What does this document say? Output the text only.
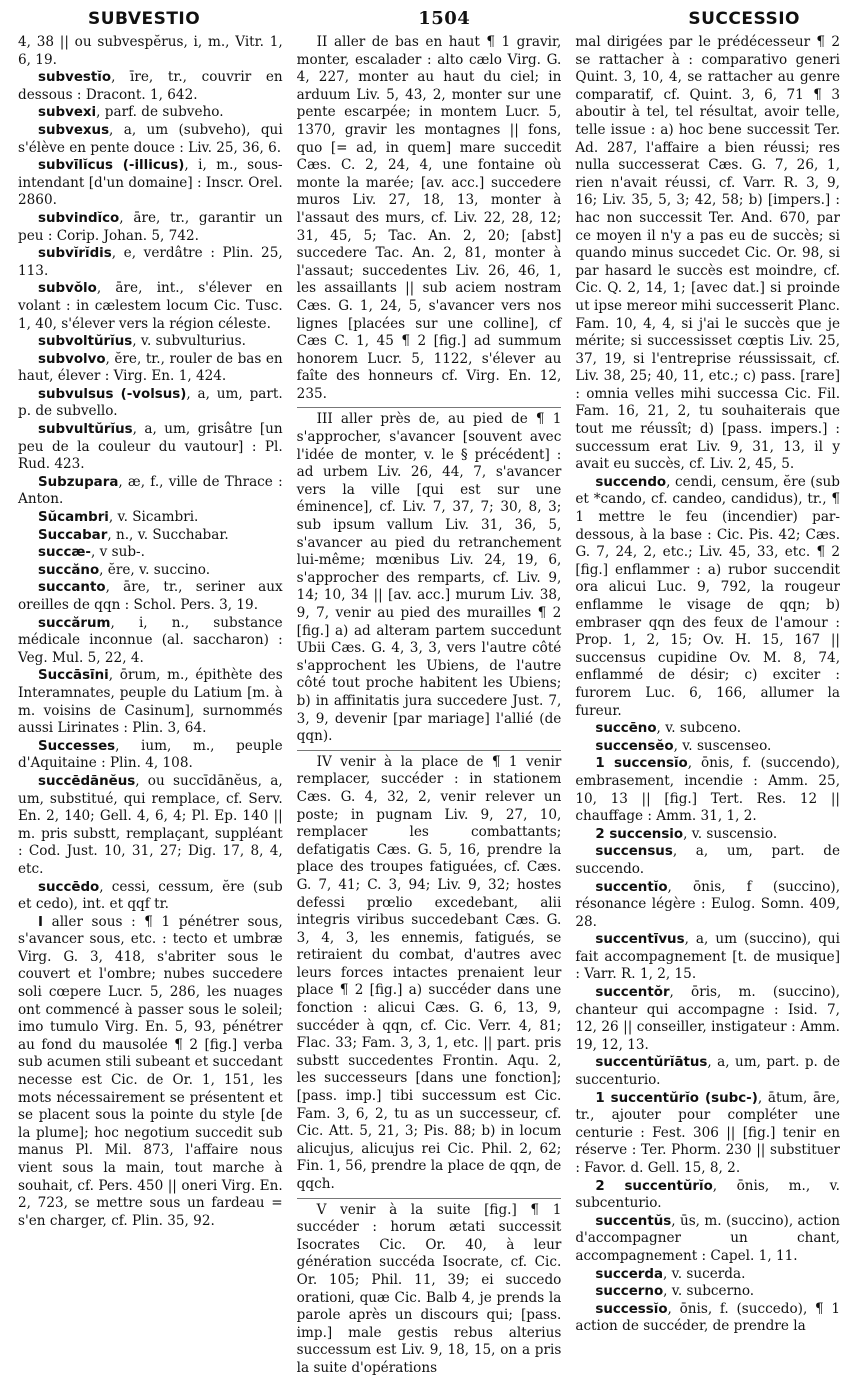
SUBVESTIO	1504	SUCCESSIO

4, 38 || ou subvespĕrus, i, m., Vitr. 1, 6, 19.

subvestĭo, īre, tr., couvrir en dessous : Dracont. 1, 642.

subvexi, parf. de subveho.

subvexus, a, um (subveho), qui s'élève en pente douce : Liv. 25, 36, 6.

subvīlĭcus (-illicus), i, m., sous-intendant [d'un domaine] : Inscr. Orel. 2860.

subvindĭco, āre, tr., garantir un peu : Corip. Johan. 5, 742.

subvĭrĭdis, e, verdâtre : Plin. 25, 113.

subvŏlo, āre, int., s'élever en volant : in cælestem locum Cic. Tusc. 1, 40, s'élever vers la région céleste.

subvoltŭrĭus, v. subvulturius.

subvolvo, ĕre, tr., rouler de bas en haut, élever : Virg. En. 1, 424.

subvulsus (-volsus), a, um, part. p. de subvello.

subvultŭrĭus, a, um, grisâtre [un peu de la couleur du vautour] : Pl. Rud. 423.

Subzupara, æ, f., ville de Thrace : Anton.

Sŭcambri, v. Sicambri.

Succabar, n., v. Succhabar.

succæ-, v sub-.

succăno, ĕre, v. succino.

succanto, āre, tr., seriner aux oreilles de qqn : Schol. Pers. 3, 19.

succărum, i, n., substance médicale inconnue (al. saccharon) : Veg. Mul. 5, 22, 4.

Succāsīni, ōrum, m., épithète des Interamnates, peuple du Latium [m. à m. voisins de Casinum], surnommés aussi Lirinates : Plin. 3, 64.

Successes, ium, m., peuple d'Aquitaine : Plin. 4, 108.

succēdānĕus, ou succīdānĕus, a, um, substitué, qui remplace, cf. Serv. En. 2, 140; Gell. 4, 6, 4; Pl. Ep. 140 || m. pris substt, remplaçant, suppléant : Cod. Just. 10, 31, 27; Dig. 17, 8, 4, etc.

succēdo, cessi, cessum, ĕre (sub et cedo), int. et qqf tr.

I aller sous : ¶ 1 pénétrer sous, s'avancer sous, etc. : tecto et umbræ Virg. G. 3, 418, s'abriter sous le couvert et l'ombre; nubes succedere soli cœpere Lucr. 5, 286, les nuages ont commencé à passer sous le soleil; imo tumulo Virg. En. 5, 93, pénétrer au fond du mausolée ¶ 2 [fig.] verba sub acumen stili subeant et succedant necesse est Cic. de Or. 1, 151, les mots nécessairement se présentent et se placent sous la pointe du style [de la plume]; hoc negotium succedit sub manus Pl. Mil. 873, l'affaire nous vient sous la main, tout marche à souhait, cf. Pers. 450 || oneri Virg. En. 2, 723, se mettre sous un fardeau = s'en charger, cf. Plin. 35, 92.

II aller de bas en haut ¶ 1 gravir, monter, escalader : alto cælo Virg. G. 4, 227, monter au haut du ciel; in arduum Liv. 5, 43, 2, monter sur une pente escarpée; in montem Lucr. 5, 1370, gravir les montagnes || fons, quo [= ad, in quem] mare succedit Cæs. C. 2, 24, 4, une fontaine où monte la marée; [av. acc.] succedere muros Liv. 27, 18, 13, monter à l'assaut des murs, cf. Liv. 22, 28, 12; 31, 45, 5; Tac. An. 2, 20; [abst] succedere Tac. An. 2, 81, monter à l'assaut; succedentes Liv. 26, 46, 1, les assaillants || sub aciem nostram Cæs. G. 1, 24, 5, s'avancer vers nos lignes [placées sur une colline], cf Cæs C. 1, 45 ¶ 2 [fig.] ad summum honorem Lucr. 5, 1122, s'élever au faîte des honneurs cf. Virg. En. 12, 235.

III aller près de, au pied de ¶ 1 s'approcher, s'avancer [souvent avec l'idée de monter, v. le § précédent] : ad urbem Liv. 26, 44, 7, s'avancer vers la ville [qui est sur une éminence], cf. Liv. 7, 37, 7; 30, 8, 3; sub ipsum vallum Liv. 31, 36, 5, s'avancer au pied du retranchement lui-même; mœnibus Liv. 24, 19, 6, s'approcher des remparts, cf. Liv. 9, 14; 10, 34 || [av. acc.] murum Liv. 38, 9, 7, venir au pied des murailles ¶ 2 [fig.] a) ad alteram partem succedunt Ubii Cæs. G. 4, 3, 3, vers l'autre côté s'approchent les Ubiens, de l'autre côté tout proche habitent les Ubiens; b) in affinitatis jura succedere Just. 7, 3, 9, devenir [par mariage] l'allié (de qqn).

IV venir à la place de ¶ 1 venir remplacer, succéder : in stationem Cæs. G. 4, 32, 2, venir relever un poste; in pugnam Liv. 9, 27, 10, remplacer les combattants; defatigatis Cæs. G. 5, 16, prendre la place des troupes fatiguées, cf. Cæs. G. 7, 41; C. 3, 94; Liv. 9, 32; hostes defessi prœlio excedebant, alii integris viribus succedebant Cæs. G. 3, 4, 3, les ennemis, fatigués, se retiraient du combat, d'autres avec leurs forces intactes prenaient leur place ¶ 2 [fig.] a) succéder dans une fonction : alicui Cæs. G. 6, 13, 9, succéder à qqn, cf. Cic. Verr. 4, 81; Flac. 33; Fam. 3, 3, 1, etc. || part. pris substt succedentes Frontin. Aqu. 2, les successeurs [dans une fonction]; [pass. imp.] tibi successum est Cic. Fam. 3, 6, 2, tu as un successeur, cf. Cic. Att. 5, 21, 3; Pis. 88; b) in locum alicujus, alicujus rei Cic. Phil. 2, 62; Fin. 1, 56, prendre la place de qqn, de qqch.

V venir à la suite [fig.] ¶ 1 succéder : horum ætati successit Isocrates Cic. Or. 40, à leur génération succéda Isocrate, cf. Cic. Or. 105; Phil. 11, 39; ei succedo orationi, quæ Cic. Balb 4, je prends la parole après un discours qui; [pass. imp.] male gestis rebus alterius successum est Liv. 9, 18, 15, on a pris la suite d'opérations

mal dirigées par le prédécesseur ¶ 2 se rattacher à : comparativo generi Quint. 3, 10, 4, se rattacher au genre comparatif, cf. Quint. 3, 6, 71 ¶ 3 aboutir à tel, tel résultat, avoir telle, telle issue : a) hoc bene successit Ter. Ad. 287, l'affaire a bien réussi; res nulla successerat Cæs. G. 7, 26, 1, rien n'avait réussi, cf. Varr. R. 3, 9, 16; Liv. 35, 5, 3; 42, 58; b) [impers.] : hac non successit Ter. And. 670, par ce moyen il n'y a pas eu de succès; si quando minus succedet Cic. Or. 98, si par hasard le succès est moindre, cf. Cic. Q. 2, 14, 1; [avec dat.] si proinde ut ipse mereor mihi successerit Planc. Fam. 10, 4, 4, si j'ai le succès que je mérite; si successisset cœptis Liv. 25, 37, 19, si l'entreprise réussissait, cf. Liv. 38, 25; 40, 11, etc.; c) pass. [rare] : omnia velles mihi successa Cic. Fil. Fam. 16, 21, 2, tu souhaiterais que tout me réussît; d) [pass. impers.] : successum erat Liv. 9, 31, 13, il y avait eu succès, cf. Liv. 2, 45, 5.

succendo, cendi, censum, ĕre (sub et *cando, cf. candeo, candidus), tr., ¶ 1 mettre le feu (incendier) par-dessous, à la base : Cic. Pis. 42; Cæs. G. 7, 24, 2, etc.; Liv. 45, 33, etc. ¶ 2 [fig.] enflammer : a) rubor succendit ora alicui Luc. 9, 792, la rougeur enflamme le visage de qqn; b) embraser qqn des feux de l'amour : Prop. 1, 2, 15; Ov. H. 15, 167 || succensus cupidine Ov. M. 8, 74, enflammé de désir; c) exciter : furorem Luc. 6, 166, allumer la fureur.

succēno, v. subceno.

succensĕo, v. suscenseo.

1 succensĭo, ōnis, f. (succendo), embrasement, incendie : Amm. 25, 10, 13 || [fig.] Tert. Res. 12 || chauffage : Amm. 31, 1, 2.

2 succensio, v. suscensio.

succensus, a, um, part. de succendo.

succentĭo, ōnis, f (succino), résonance légère : Eulog. Somn. 409, 28.

succentīvus, a, um (succino), qui fait accompagnement [t. de musique] : Varr. R. 1, 2, 15.

succentŏr, ōris, m. (succino), chanteur qui accompagne : Isid. 7, 12, 26 || conseiller, instigateur : Amm. 19, 12, 13.

succentŭrĭātus, a, um, part. p. de succenturio.

1 succentŭrĭo (subc-), ātum, āre, tr., ajouter pour compléter une centurie : Fest. 306 || [fig.] tenir en réserve : Ter. Phorm. 230 || substituer : Favor. d. Gell. 15, 8, 2.

2 succentŭrĭo, ōnis, m., v. subcenturio.

succentŭs, ūs, m. (succino), action d'accompagner un chant, accompagnement : Capel. 1, 11.

succerda, v. sucerda.

succerno, v. subcerno.

successĭo, ōnis, f. (succedo), ¶ 1 action de succéder, de prendre la
